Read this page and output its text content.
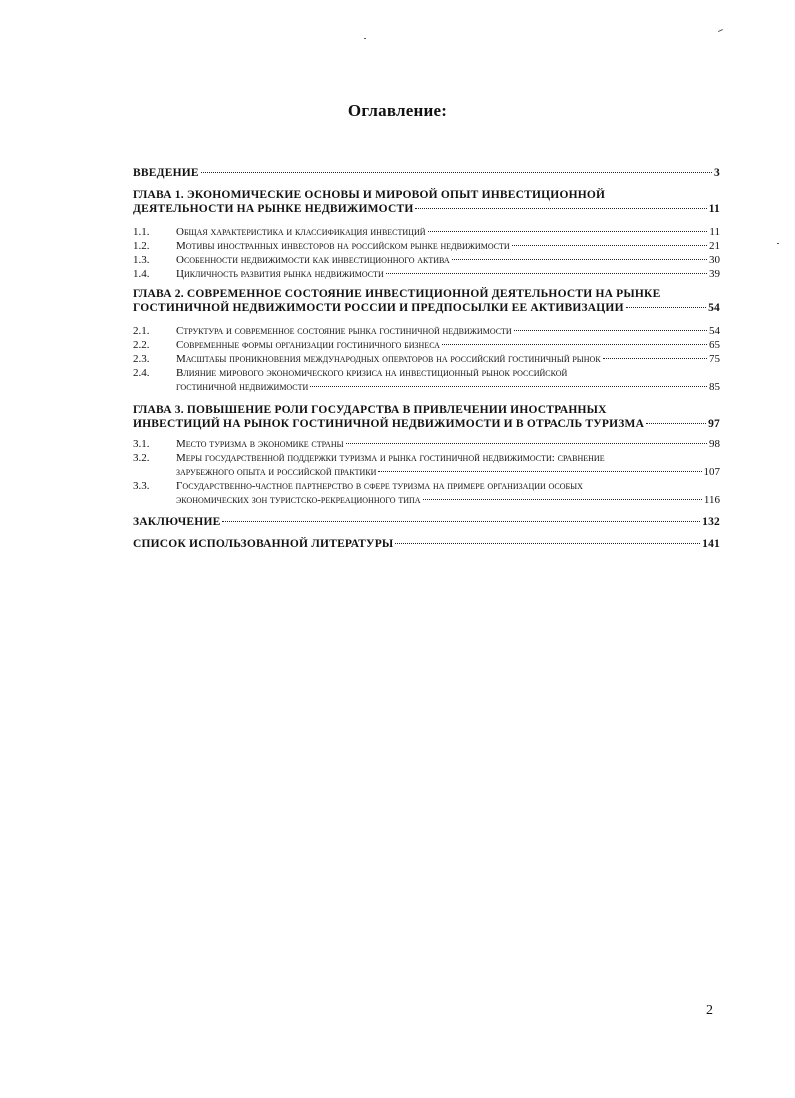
Оглавление:
ВВЕДЕНИЕ	3
ГЛАВА 1. ЭКОНОМИЧЕСКИЕ ОСНОВЫ И МИРОВОЙ ОПЫТ ИНВЕСТИЦИОННОЙ
ДЕЯТЕЛЬНОСТИ НА РЫНКЕ НЕДВИЖИМОСТИ	11
1.1.	Общая характеристика и классификация инвестиций	11
1.2.	Мотивы иностранных инвесторов на российском рынке недвижимости	21
1.3.	Особенности недвижимости как инвестиционного актива	30
1.4.	Цикличность развития рынка недвижимости	39
ГЛАВА 2. СОВРЕМЕННОЕ СОСТОЯНИЕ ИНВЕСТИЦИОННОЙ ДЕЯТЕЛЬНОСТИ НА РЫНКЕ
ГОСТИНИЧНОЙ НЕДВИЖИМОСТИ РОССИИ И ПРЕДПОСЫЛКИ ЕЕ АКТИВИЗАЦИИ	54
2.1.	Структура и современное состояние рынка гостиничной недвижимости	54
2.2.	Современные формы организации гостиничного бизнеса	65
2.3.	Масштабы проникновения международных операторов на российский гостиничный рынок	75
2.4.	Влияние мирового экономического кризиса на инвестиционный рынок российской
гостиничной недвижимости	85
ГЛАВА 3. ПОВЫШЕНИЕ РОЛИ ГОСУДАРСТВА В ПРИВЛЕЧЕНИИ ИНОСТРАННЫХ
ИНВЕСТИЦИЙ НА РЫНОК ГОСТИНИЧНОЙ НЕДВИЖИМОСТИ И В ОТРАСЛЬ ТУРИЗМА	97
3.1.	Место туризма в экономике страны	98
3.2.	Меры государственной поддержки туризма и рынка гостиничной недвижимости: сравнение
зарубежного опыта и российской практики	107
3.3.	Государственно-частное партнерство в сфере туризма на примере организации особых
экономических зон туристско-рекреационного типа	116
ЗАКЛЮЧЕНИЕ	132
СПИСОК ИСПОЛЬЗОВАННОЙ ЛИТЕРАТУРЫ	141
2
